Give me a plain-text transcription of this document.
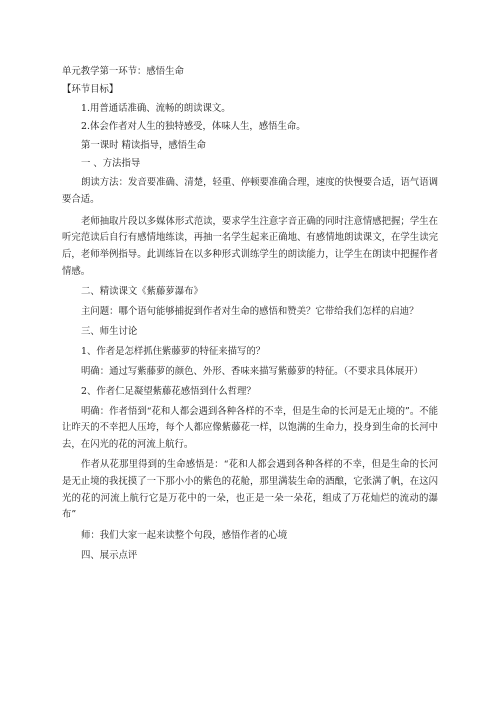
单元教学第一环节：感悟生命
【环节目标】
1.用普通话准确、流畅的朗读课文。
2.体会作者对人生的独特感受，体味人生，感悟生命。
第一课时 精读指导，感悟生命
一 、方法指导
朗读方法：发音要准确、清楚，轻重、停顿要准确合理，速度的快慢要合适，语气语调要合适。
老师抽取片段以多媒体形式范读，要求学生注意字音正确的同时注意情感把握；学生在听完范读后自行有感情地练读，再抽一名学生起来正确地、有感情地朗读课文，在学生读完后，老师举例指导。此训练旨在以多种形式训练学生的朗读能力，让学生在朗读中把握作者情感。
二、精读课文《紫藤萝瀑布》
主问题：哪个语句能够捕捉到作者对生命的感悟和赞美？它带给我们怎样的启迪？
三、师生讨论
1、作者是怎样抓住紫藤萝的特征来描写的？
明确：通过写紫藤萝的颜色、外形、香味来描写紫藤萝的特征。（不要求具体展开）
2、作者仁足凝望紫藤花感悟到什么哲理？
明确：作者悟到“花和人都会遇到各种各样的不幸，但是生命的长河是无止境的”。不能让昨天的不幸把人压垮，每个人都应像紫藤花一样，以饱满的生命力，投身到生命的长河中去，在闪光的花的河流上航行。
作者从花那里得到的生命感悟是：“花和人都会遇到各种各样的不幸，但是生命的长河是无止境的我抚摸了一下那小小的紫色的花舱，那里满装生命的酒酿，它张满了帆，在这闪光的花的河流上航行它是万花中的一朵，也正是一朵一朵花，组成了万花灿烂的流动的瀑布”
师：我们大家一起来读整个句段，感悟作者的心境
四、展示点评
